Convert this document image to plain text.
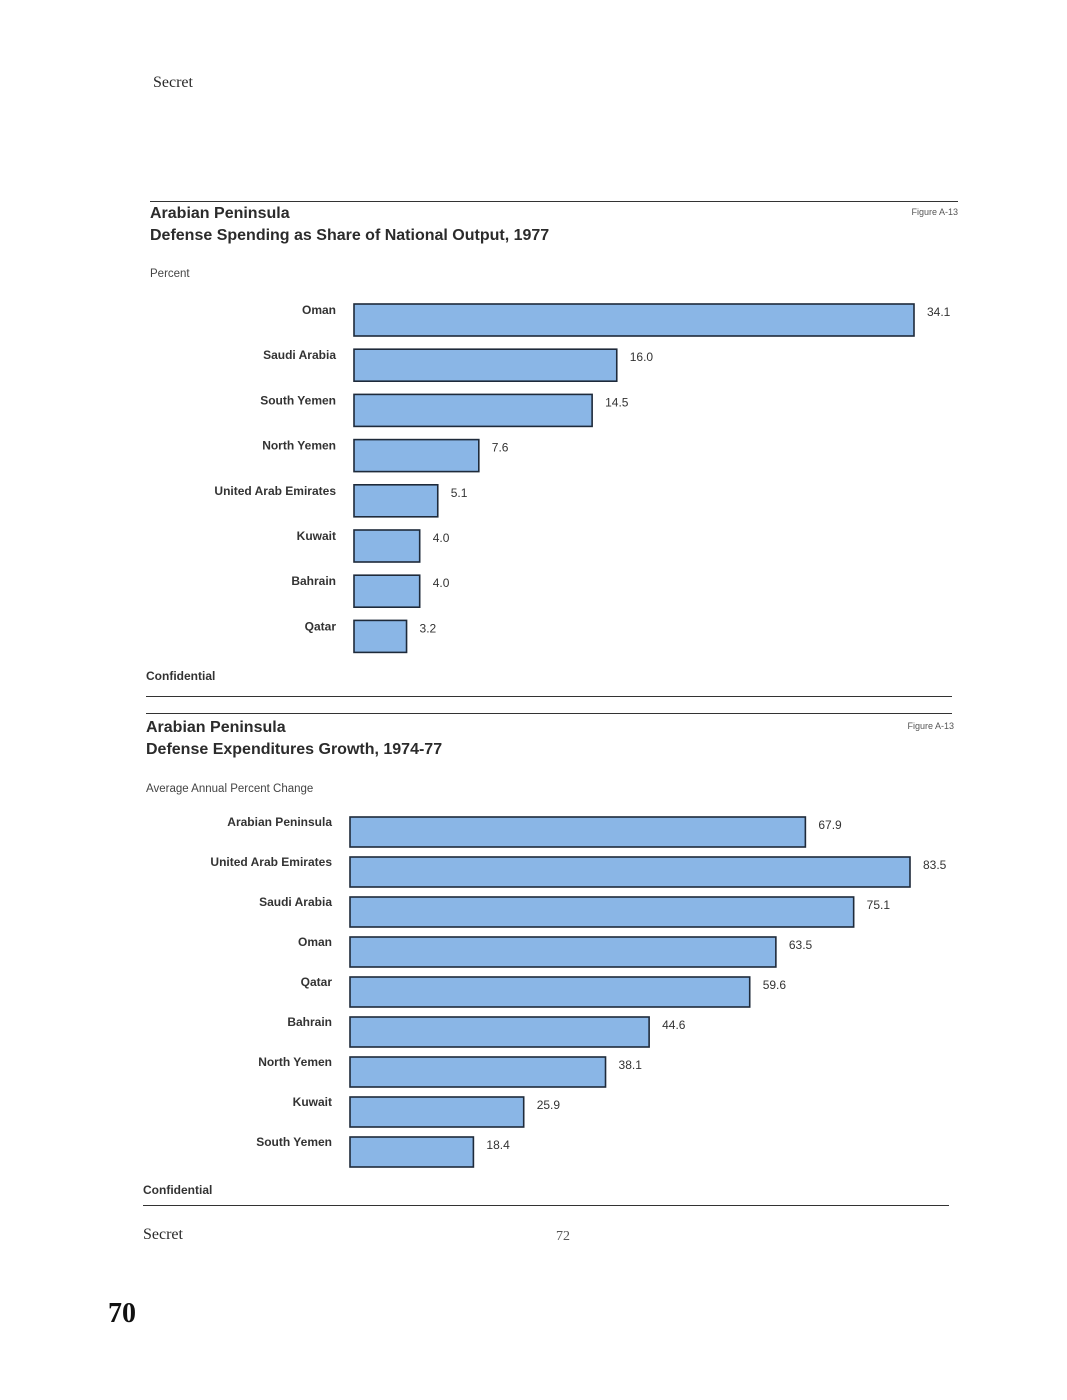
Secret
Arabian Peninsula
Defense Spending as Share of National Output, 1977
Figure A-13
Percent
Oman	34.1
Saudi Arabia	16.0
South Yemen	14.5
North Yemen	7.6
United Arab Emirates	5.1
Kuwait	4.0
Bahrain	4.0
Qatar	3.2
Confidential
Arabian Peninsula
Defense Expenditures Growth, 1974-77
Figure A-13
Average Annual Percent Change
Arabian Peninsula	67.9
United Arab Emirates	83.5
Saudi Arabia	75.1
Oman	63.5
Qatar	59.6
Bahrain	44.6
North Yemen	38.1
Kuwait	25.9
South Yemen	18.4
Confidential
Secret	72
70
